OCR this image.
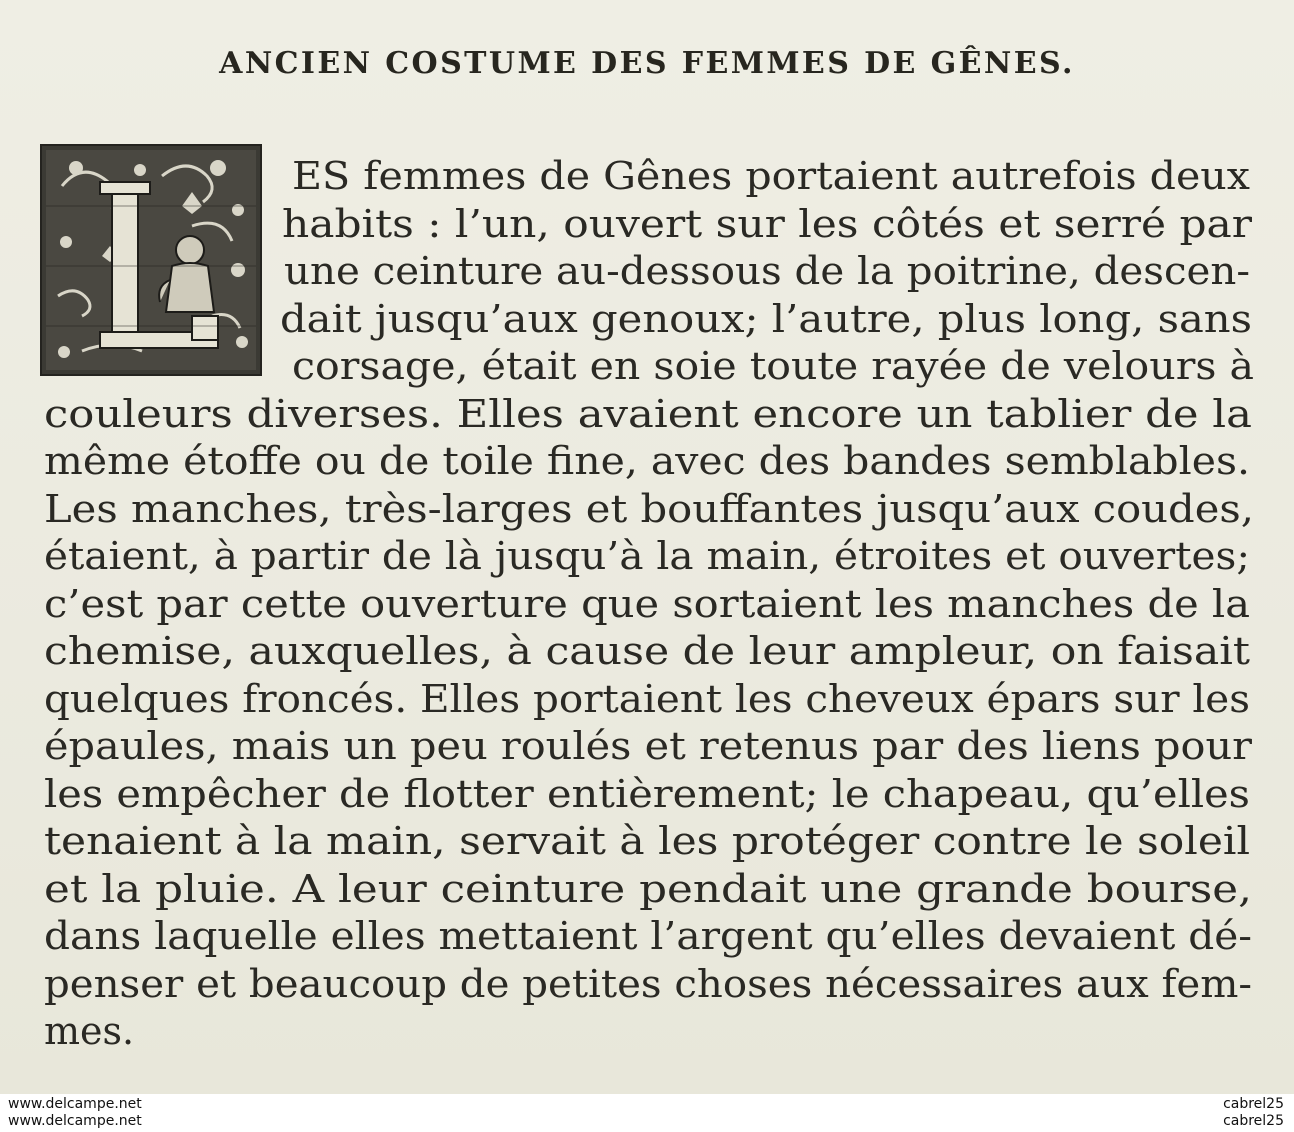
ANCIEN COSTUME DES FEMMES DE GÊNES.
ES femmes de Gênes portaient autrefois deux
habits : l’un, ouvert sur les côtés et serré par
une ceinture au-dessous de la poitrine, descen-
dait jusqu’aux genoux; l’autre, plus long, sans
corsage, était en soie toute rayée de velours à
couleurs diverses. Elles avaient encore un tablier de la
même étoffe ou de toile fine, avec des bandes semblables.
Les manches, très-larges et bouffantes jusqu’aux coudes,
étaient, à partir de là jusqu’à la main, étroites et ouvertes;
c’est par cette ouverture que sortaient les manches de la
chemise, auxquelles, à cause de leur ampleur, on faisait
quelques froncés. Elles portaient les cheveux épars sur les
épaules, mais un peu roulés et retenus par des liens pour
les empêcher de flotter entièrement; le chapeau, qu’elles
tenaient à la main, servait à les protéger contre le soleil
et la pluie. A leur ceinture pendait une grande bourse,
dans laquelle elles mettaient l’argent qu’elles devaient dé-
penser et beaucoup de petites choses nécessaires aux fem-
mes.
www.delcampe.net
www.delcampe.net
cabrel25
cabrel25
